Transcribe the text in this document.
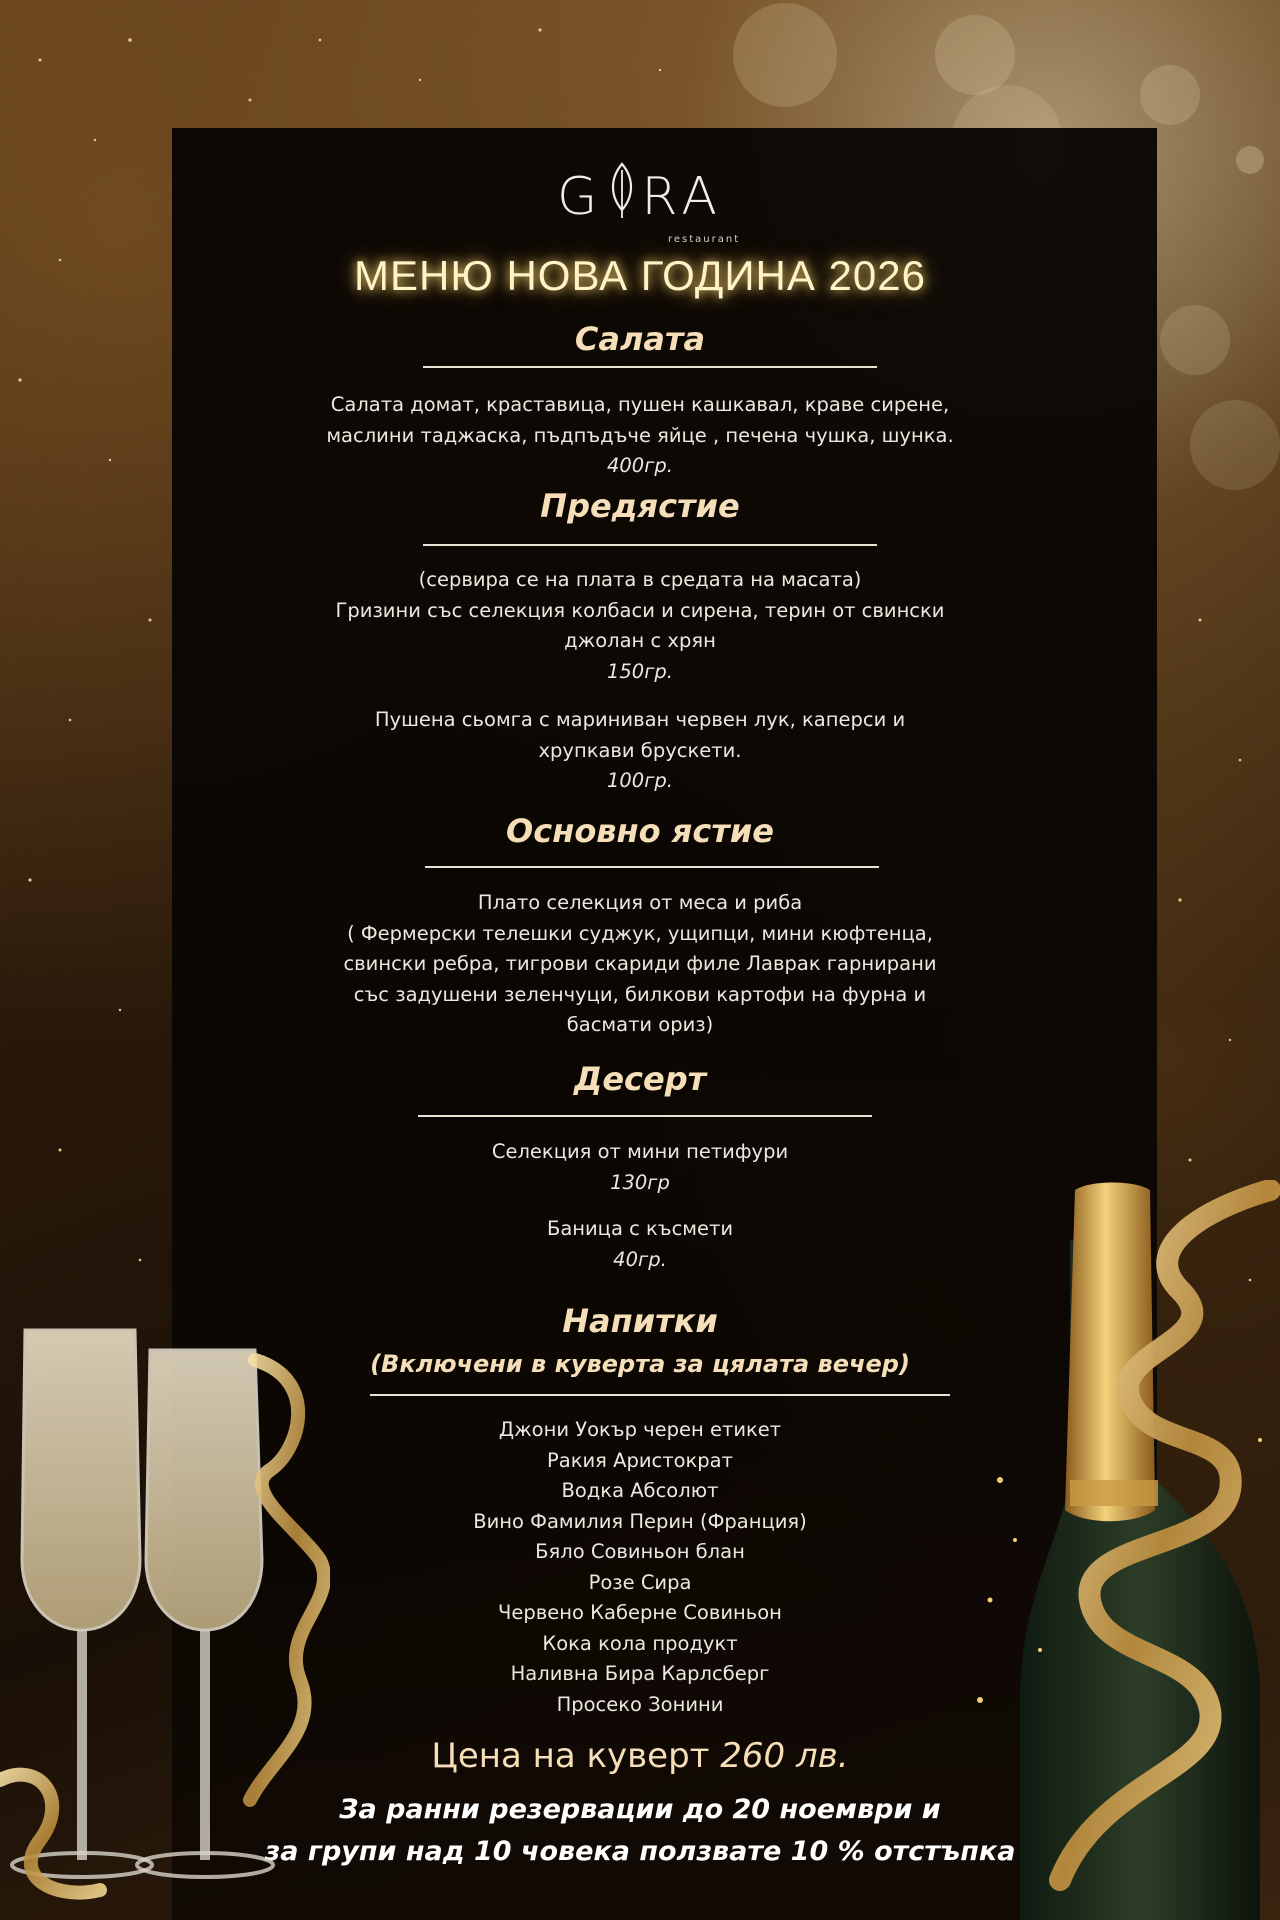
G RA
restaurant
МЕНЮ НОВА ГОДИНА 2026
Салата
Салата домат, краставица, пушен кашкавал, краве сирене,
маслини таджаска, пъдпъдъче яйце , печена чушка, шунка.
400гр.
Предястие
(сервира се на плата в средата на масата)
Гризини със селекция колбаси и сирена, терин от свински
джолан с хрян
150гр.
Пушена сьомга с мариниван червен лук, каперси и
хрупкави брускети.
100гр.
Основно ястие
Плато селекция от меса и риба
( Фермерски телешки суджук, ущипци, мини кюфтенца,
свински ребра, тигрови скариди филе Лаврак гарнирани
със задушени зеленчуци, билкови картофи на фурна и
басмати ориз)
Десерт
Селекция от мини петифури
130гр
Баница с късмети
40гр.
Напитки
(Включени в куверта за цялата вечер)
Джони Уокър черен етикет
Ракия Аристократ
Водка Абсолют
Вино Фамилия Перин (Франция)
Бяло Совиньон блан
Розе Сира
Червено Каберне Совиньон
Кока кола продукт
Наливна Бира Карлсберг
Просеко Зонини
Цена на куверт 260 лв.
За ранни резервации до 20 ноември и
за групи над 10 човека ползвате 10 % отстъпка
